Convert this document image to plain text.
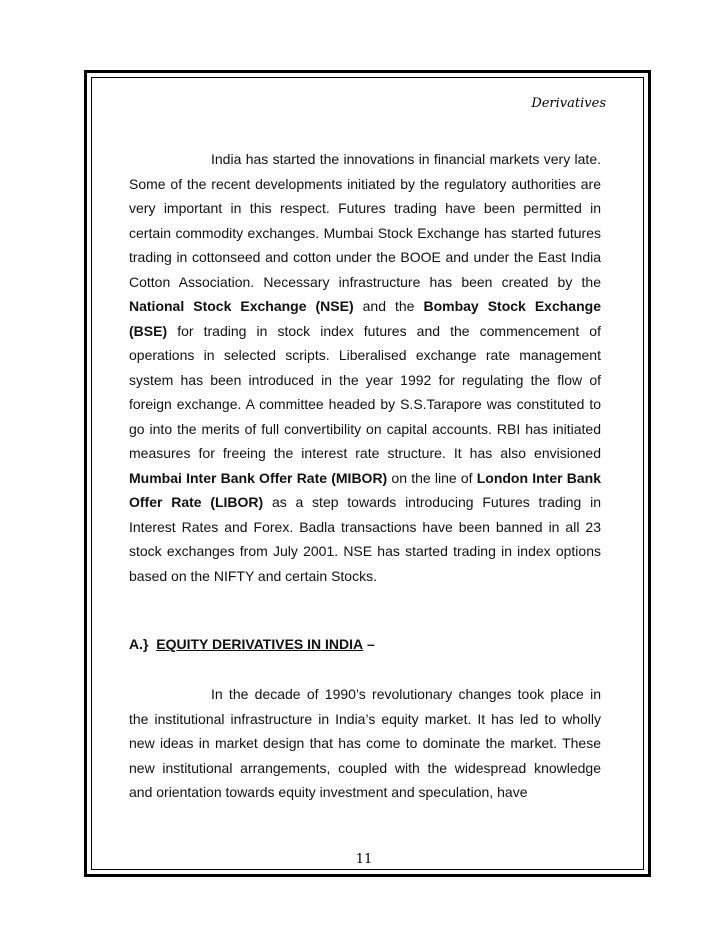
Derivatives

India has started the innovations in financial markets very late. Some of the recent developments initiated by the regulatory authorities are very important in this respect. Futures trading have been permitted in certain commodity exchanges. Mumbai Stock Exchange has started futures trading in cottonseed and cotton under the BOOE and under the East India Cotton Association. Necessary infrastructure has been created by the National Stock Exchange (NSE) and the Bombay Stock Exchange (BSE) for trading in stock index futures and the commencement of operations in selected scripts. Liberalised exchange rate management system has been introduced in the year 1992 for regulating the flow of foreign exchange. A committee headed by S.S.Tarapore was constituted to go into the merits of full convertibility on capital accounts. RBI has initiated measures for freeing the interest rate structure. It has also envisioned Mumbai Inter Bank Offer Rate (MIBOR) on the line of London Inter Bank Offer Rate (LIBOR) as a step towards introducing Futures trading in Interest Rates and Forex. Badla transactions have been banned in all 23 stock exchanges from July 2001. NSE has started trading in index options based on the NIFTY and certain Stocks.

A.} EQUITY DERIVATIVES IN INDIA –

In the decade of 1990’s revolutionary changes took place in the institutional infrastructure in India’s equity market. It has led to wholly new ideas in market design that has come to dominate the market. These new institutional arrangements, coupled with the widespread knowledge and orientation towards equity investment and speculation, have

11
